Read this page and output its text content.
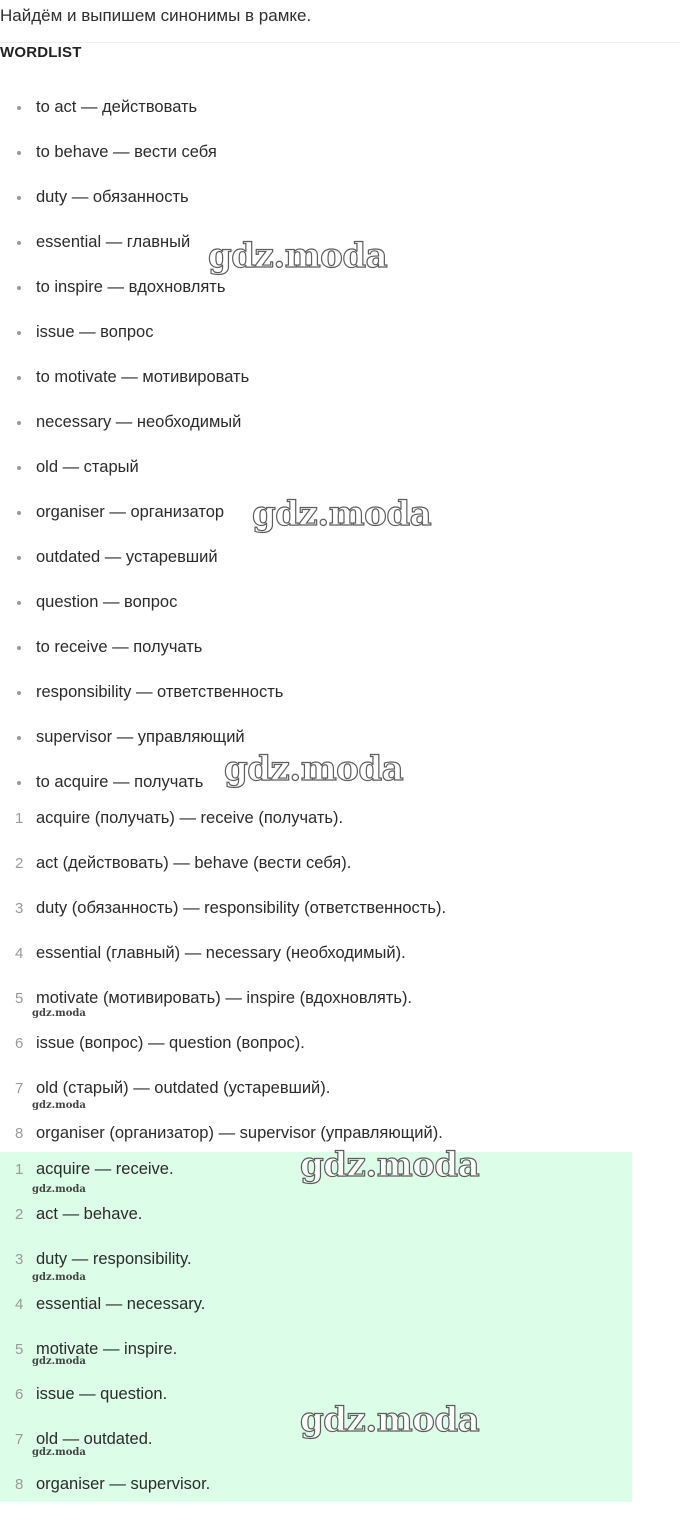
Найдём и выпишем синонимы в рамке.
WORDLIST
to act — действовать
to behave — вести себя
duty — обязанность
essential — главный
to inspire — вдохновлять
issue — вопрос
to motivate — мотивировать
necessary — необходимый
old — старый
organiser — организатор
outdated — устаревший
question — вопрос
to receive — получать
responsibility — ответственность
supervisor — управляющий
to acquire — получать
1 acquire (получать) — receive (получать).
2 act (действовать) — behave (вести себя).
3 duty (обязанность) — responsibility (ответственность).
4 essential (главный) — necessary (необходимый).
5 motivate (мотивировать) — inspire (вдохновлять).
6 issue (вопрос) — question (вопрос).
7 old (старый) — outdated (устаревший).
8 organiser (организатор) — supervisor (управляющий).
1 acquire — receive.
2 act — behave.
3 duty — responsibility.
4 essential — necessary.
5 motivate — inspire.
6 issue — question.
7 old — outdated.
8 organiser — supervisor.
gdz.moda
gdz.moda
gdz.moda
gdz.moda
gdz.moda
gdz.moda
gdz.moda
gdz.moda
gdz.moda
gdz.moda
gdz.moda
